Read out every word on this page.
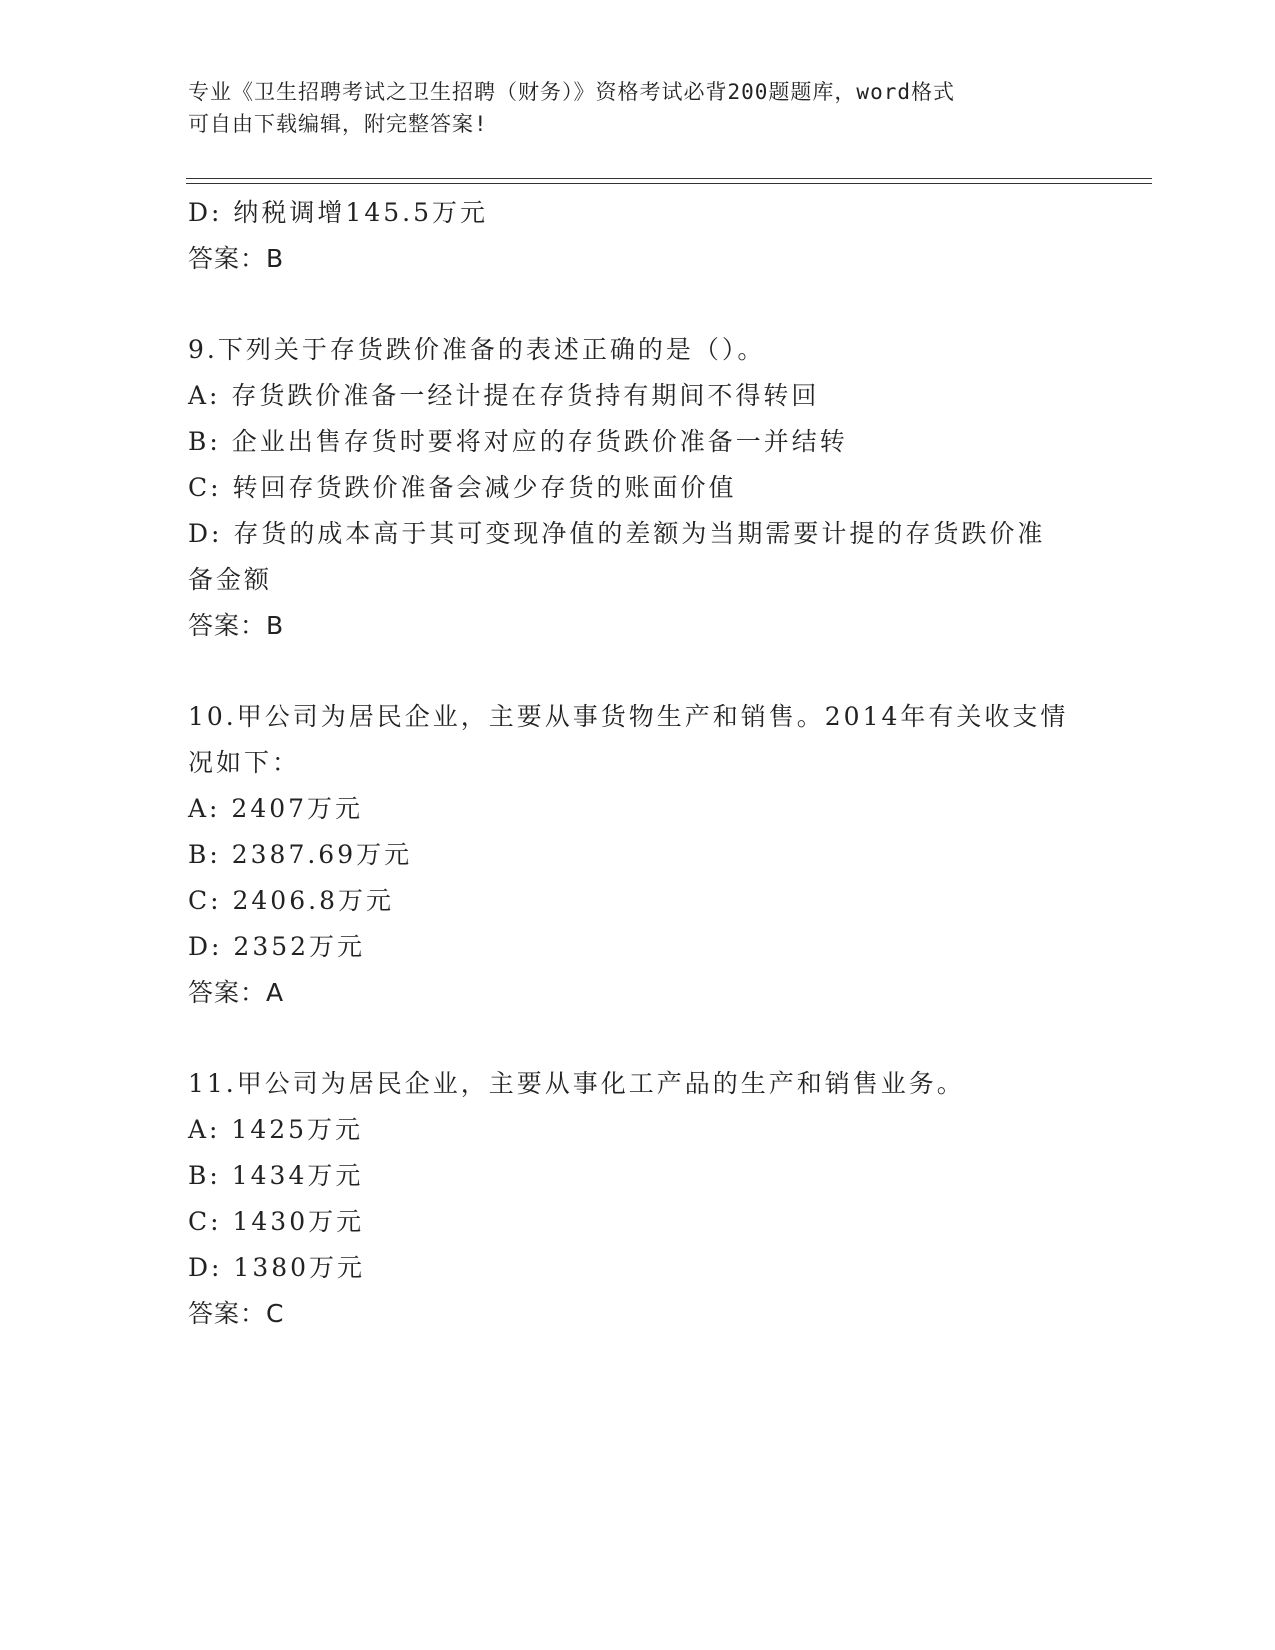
专业《卫生招聘考试之卫生招聘（财务）》资格考试必背200题题库，word格式
可自由下载编辑，附完整答案!
D: 纳税调增145.5万元
答案：B
9.下列关于存货跌价准备的表述正确的是（）。
A: 存货跌价准备一经计提在存货持有期间不得转回
B: 企业出售存货时要将对应的存货跌价准备一并结转
C: 转回存货跌价准备会减少存货的账面价值
D: 存货的成本高于其可变现净值的差额为当期需要计提的存货跌价准
备金额
答案：B
10.甲公司为居民企业，主要从事货物生产和销售。2014年有关收支情
况如下：
A: 2407万元
B: 2387.69万元
C: 2406.8万元
D: 2352万元
答案：A
11.甲公司为居民企业，主要从事化工产品的生产和销售业务。
A: 1425万元
B: 1434万元
C: 1430万元
D: 1380万元
答案：C
